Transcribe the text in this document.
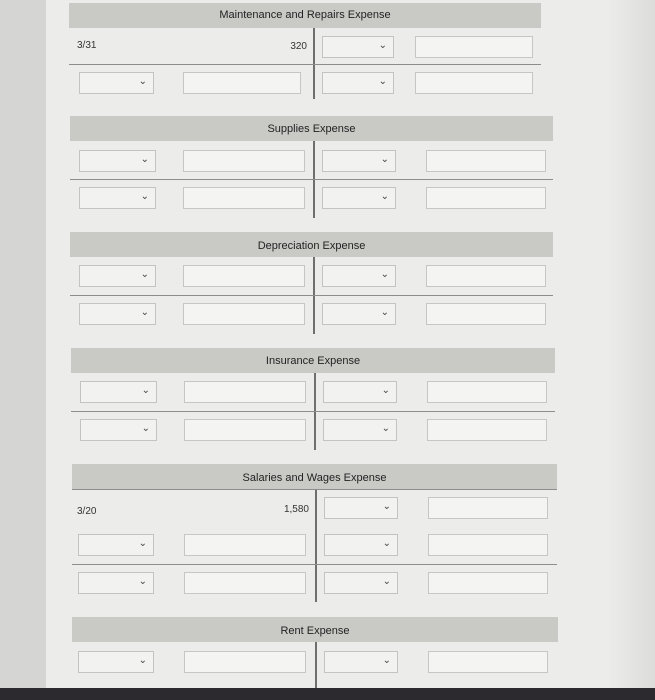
Maintenance and Repairs Expense
3/31	320	⌄
⌄	⌄
Supplies Expense
⌄	⌄
⌄	⌄
Depreciation Expense
⌄	⌄
⌄	⌄
Insurance Expense
⌄	⌄
⌄	⌄
Salaries and Wages Expense
3/20	1,580	⌄
⌄	⌄
⌄	⌄
Rent Expense
⌄	⌄
